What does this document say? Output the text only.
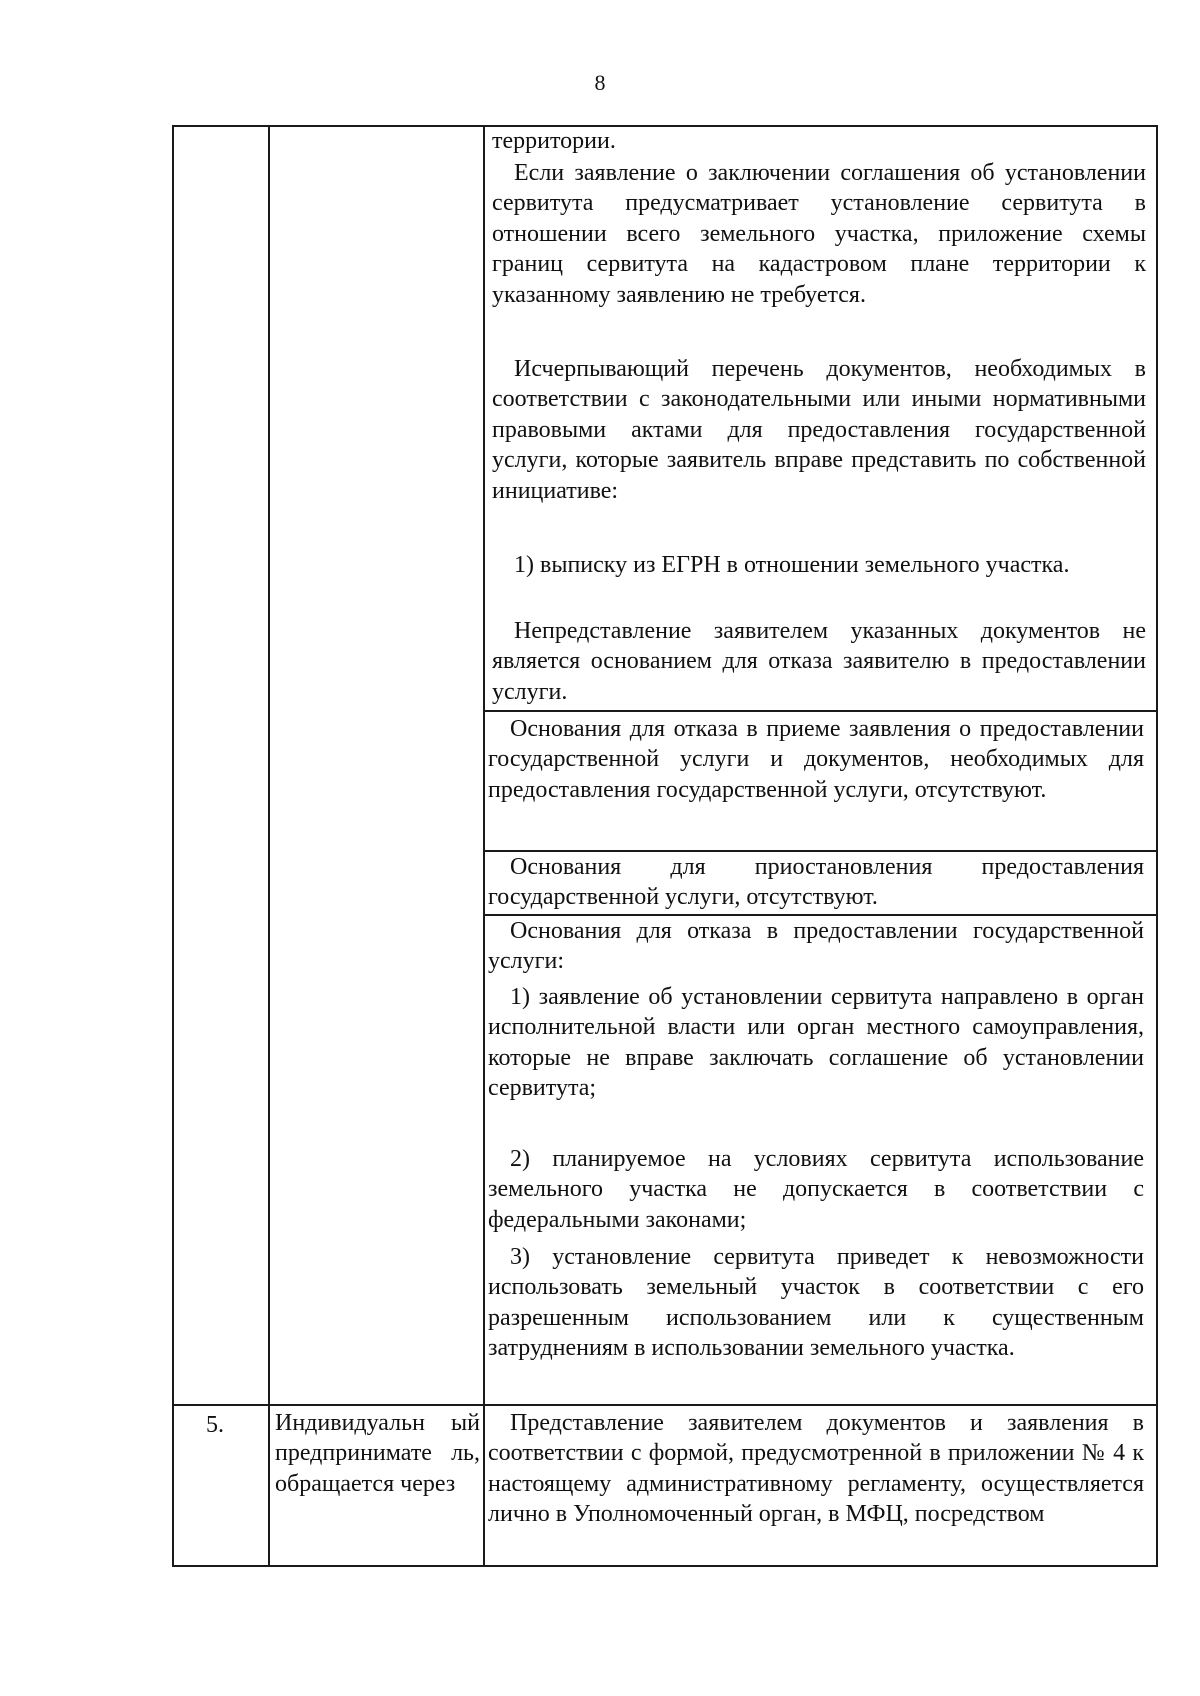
8
территории.
Если заявление о заключении соглашения об установлении сервитута предусматривает установление сервитута в отношении всего земельного участка, приложение схемы границ сервитута на кадастровом плане территории к указанному заявлению не требуется.
Исчерпывающий перечень документов, необходимых в соответствии с законодательными или иными нормативными правовыми актами для предоставления государственной услуги, которые заявитель вправе представить по собственной инициативе:
1) выписку из ЕГРН в отношении земельного участка.
Непредставление заявителем указанных документов не является основанием для отказа заявителю в предоставлении услуги.
Основания для отказа в приеме заявления о предоставлении государственной услуги и документов, необходимых для предоставления государственной услуги, отсутствуют.
Основания для приостановления предоставления государственной услуги, отсутствуют.
Основания для отказа в предоставлении государственной услуги:
1) заявление об установлении сервитута направлено в орган исполнительной власти или орган местного самоуправления, которые не вправе заключать соглашение об установлении сервитута;
2) планируемое на условиях сервитута использование земельного участка не допускается в соответствии с федеральными законами;
3) установление сервитута приведет к невозможности использовать земельный участок в соответствии с его разрешенным использованием или к существенным затруднениям в использовании земельного участка.
5. Индивидуальн ый предпринимате ль, обращается через
Представление заявителем документов и заявления в соответствии с формой, предусмотренной в приложении № 4 к настоящему административному регламенту, осуществляется лично в Уполномоченный орган, в МФЦ, посредством
